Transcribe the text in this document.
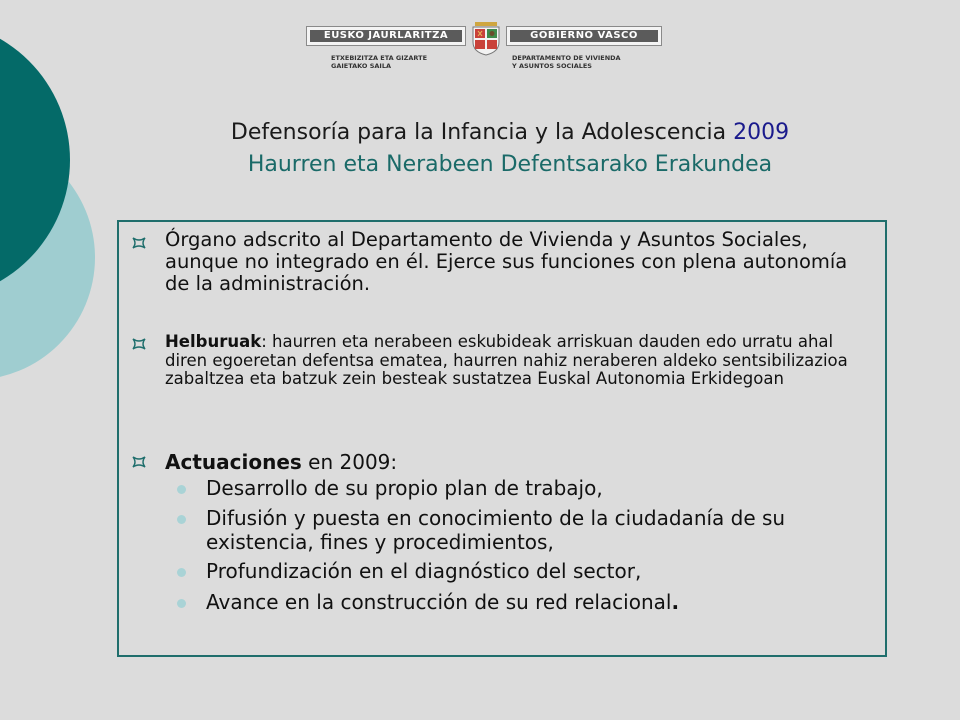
EUSKO JAURLARITZA	GOBIERNO VASCO
ETXEBIZITZA ETA GIZARTE
GAIETAKO SAILA
DEPARTAMENTO DE VIVIENDA
Y ASUNTOS SOCIALES
Defensoría para la Infancia y la Adolescencia 2009
Haurren eta Nerabeen Defentsarako Erakundea
Órgano adscrito al Departamento de Vivienda y Asuntos Sociales, aunque no integrado en él. Ejerce sus funciones con plena autonomía de la administración.
Helburuak: haurren eta nerabeen eskubideak arriskuan dauden edo urratu ahal diren egoeretan defentsa ematea, haurren nahiz neraberen aldeko sentsibilizazioa zabaltzea eta batzuk zein besteak sustatzea Euskal Autonomia Erkidegoan
Actuaciones en 2009:
Desarrollo de su propio plan de trabajo,
Difusión y puesta en conocimiento de la ciudadanía de su existencia, fines y procedimientos,
Profundización en el diagnóstico del sector,
Avance en la construcción de su red relacional.
